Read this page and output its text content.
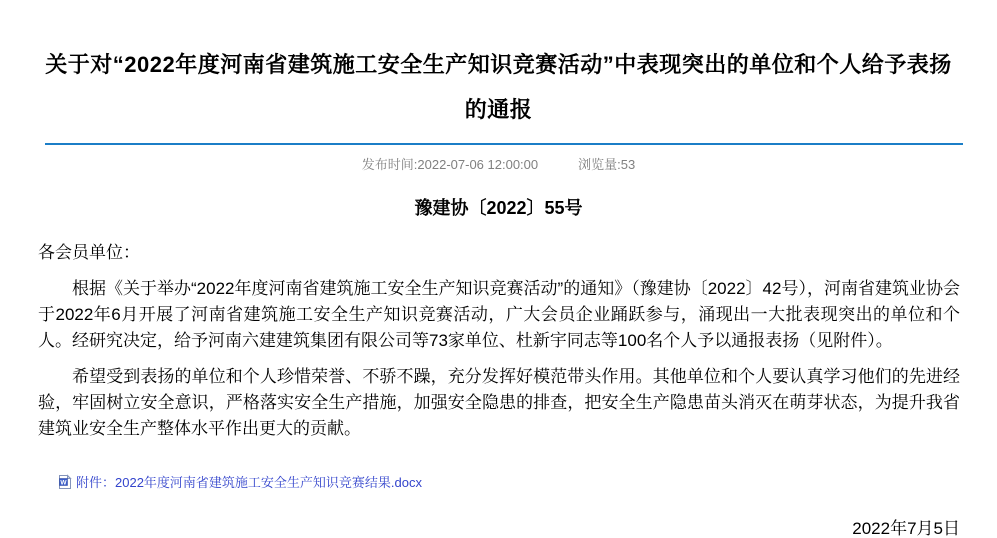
关于对“2022年度河南省建筑施工安全生产知识竞赛活动”中表现突出的单位和个人给予表扬的通报
发布时间:2022-07-06 12:00:00	浏览量:53
豫建协〔2022〕55号

各会员单位：

根据《关于举办“2022年度河南省建筑施工安全生产知识竞赛活动”的通知》（豫建协〔2022〕42号），河南省建筑业协会于2022年6月开展了河南省建筑施工安全生产知识竞赛活动，广大会员企业踊跃参与，涌现出一大批表现突出的单位和个人。经研究决定，给予河南六建建筑集团有限公司等73家单位、杜新宇同志等100名个人予以通报表扬（见附件）。

希望受到表扬的单位和个人珍惜荣誉、不骄不躁，充分发挥好模范带头作用。其他单位和个人要认真学习他们的先进经验，牢固树立安全意识，严格落实安全生产措施，加强安全隐患的排查，把安全生产隐患苗头消灭在萌芽状态，为提升我省建筑业安全生产整体水平作出更大的贡献。

W 附件：2022年度河南省建筑施工安全生产知识竞赛结果.docx
2022年7月5日
